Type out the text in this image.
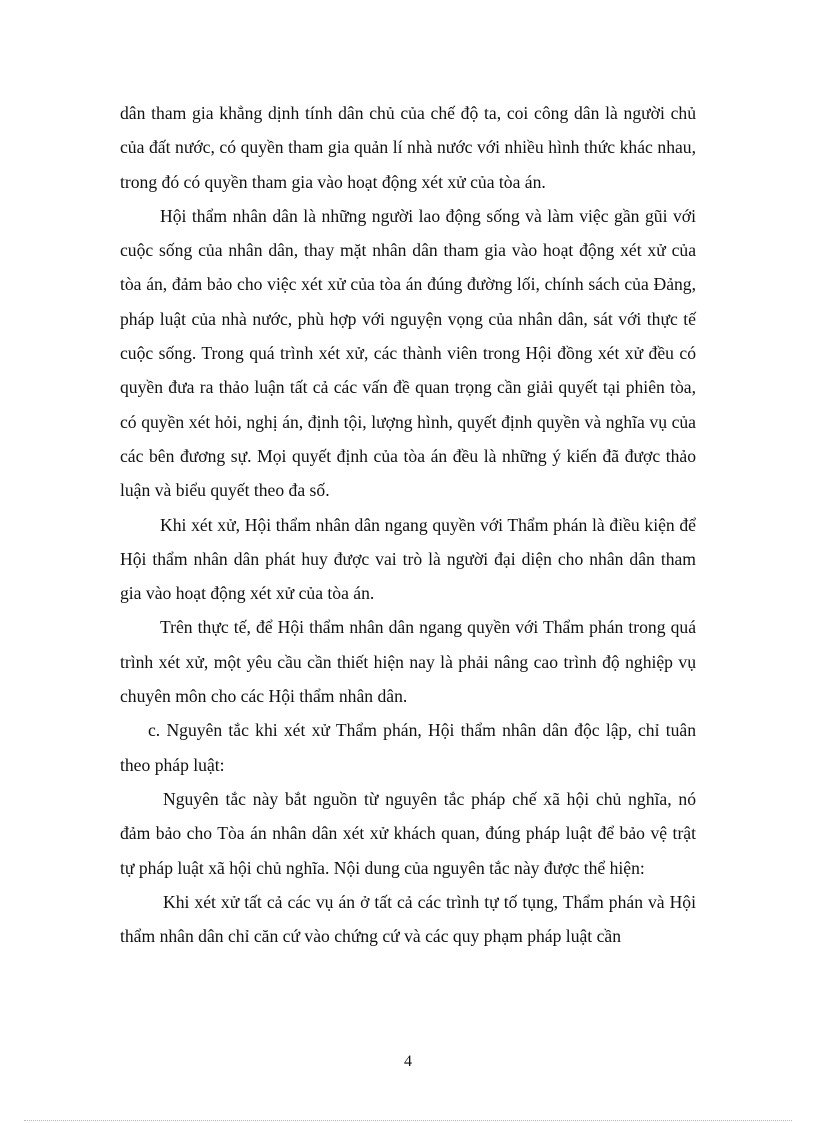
dân tham gia khẳng dịnh tính dân chủ của chế độ ta, coi công dân là người chủ của đất nước, có quyền tham gia quản lí nhà nước với nhiều hình thức khác nhau, trong đó có quyền tham gia vào hoạt động xét xử của tòa án.

Hội thẩm nhân dân là những người lao động sống và làm việc gần gũi với cuộc sống của nhân dân, thay mặt nhân dân tham gia vào hoạt động xét xử của tòa án, đảm bảo cho việc xét xử của tòa án đúng đường lối, chính sách của Đảng, pháp luật của nhà nước, phù hợp với nguyện vọng của nhân dân, sát với thực tế cuộc sống. Trong quá trình xét xử, các thành viên trong Hội đồng xét xử đều có quyền đưa ra thảo luận tất cả các vấn đề quan trọng cần giải quyết tại phiên tòa, có quyền xét hỏi, nghị án, định tội, lượng hình, quyết định quyền và nghĩa vụ của các bên đương sự. Mọi quyết định của tòa án đều là những ý kiến đã được thảo luận và biểu quyết theo đa số.

Khi xét xử, Hội thẩm nhân dân ngang quyền với Thẩm phán là điều kiện để Hội thẩm nhân dân phát huy được vai trò là người đại diện cho nhân dân tham gia vào hoạt động xét xử của tòa án.

Trên thực tế, để Hội thẩm nhân dân ngang quyền với Thẩm phán trong quá trình xét xử, một yêu cầu cần thiết hiện nay là phải nâng cao trình độ nghiệp vụ chuyên môn cho các Hội thẩm nhân dân.

c. Nguyên tắc khi xét xử Thẩm phán, Hội thẩm nhân dân độc lập, chỉ tuân theo pháp luật:

Nguyên tắc này bắt nguồn từ nguyên tắc pháp chế xã hội chủ nghĩa, nó đảm bảo cho Tòa án nhân dân xét xử khách quan, đúng pháp luật để bảo vệ trật tự pháp luật xã hội chủ nghĩa. Nội dung của nguyên tắc này được thể hiện:

Khi xét xử tất cả các vụ án ở tất cả các trình tự tố tụng, Thẩm phán và Hội thẩm nhân dân chỉ căn cứ vào chứng cứ và các quy phạm pháp luật cần

4
